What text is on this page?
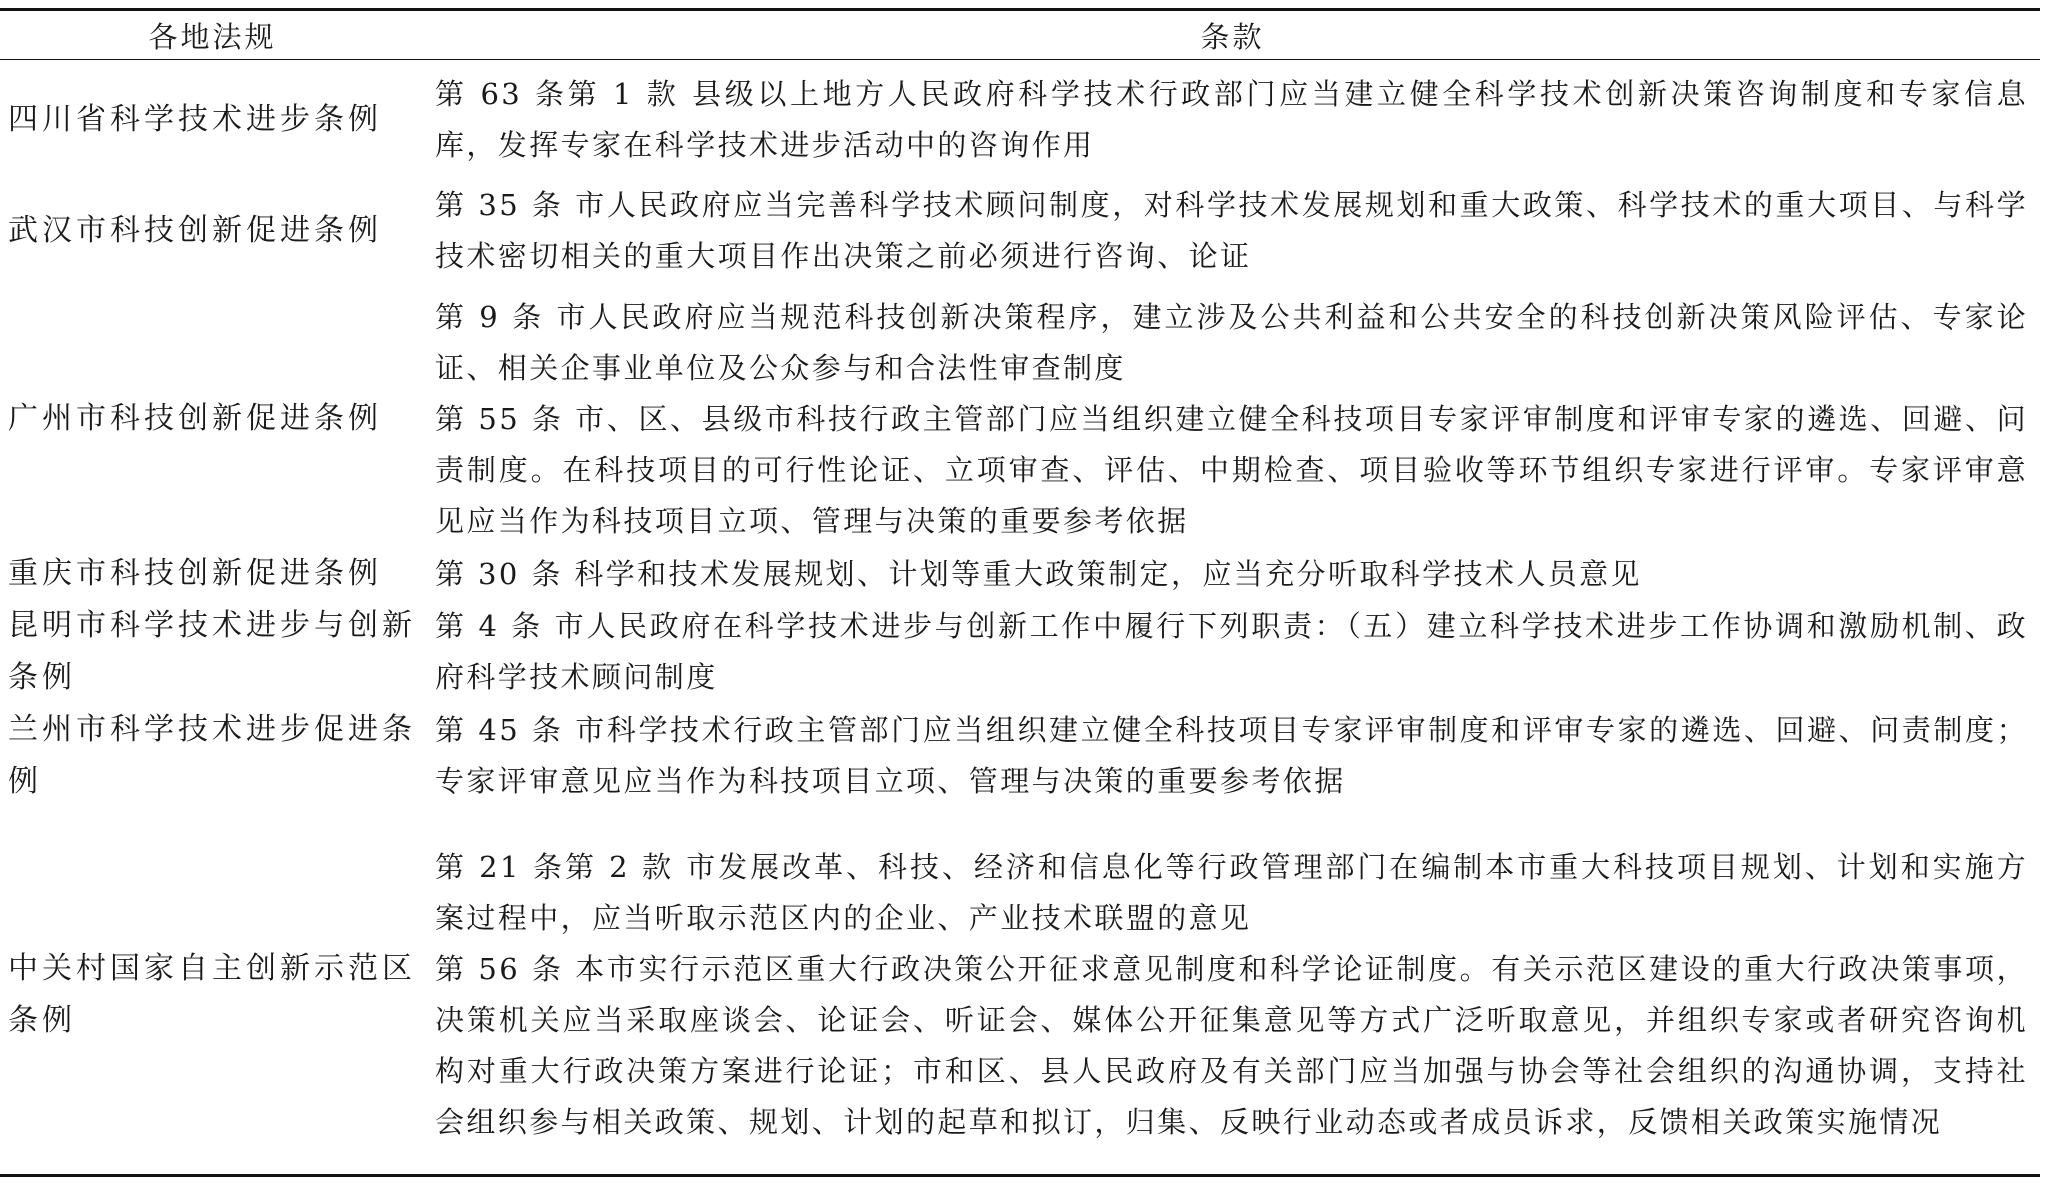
各地法规	条款
四川省科学技术进步条例
第 63 条第 1 款 县级以上地方人民政府科学技术行政部门应当建立健全科学技术创新决策咨询制度和专家信息库，发挥专家在科学技术进步活动中的咨询作用
武汉市科技创新促进条例
第 35 条 市人民政府应当完善科学技术顾问制度，对科学技术发展规划和重大政策、科学技术的重大项目、与科学技术密切相关的重大项目作出决策之前必须进行咨询、论证
广州市科技创新促进条例
第 9 条 市人民政府应当规范科技创新决策程序，建立涉及公共利益和公共安全的科技创新决策风险评估、专家论证、相关企事业单位及公众参与和合法性审查制度
第 55 条 市、区、县级市科技行政主管部门应当组织建立健全科技项目专家评审制度和评审专家的遴选、回避、问责制度。在科技项目的可行性论证、立项审查、评估、中期检查、项目验收等环节组织专家进行评审。专家评审意见应当作为科技项目立项、管理与决策的重要参考依据
重庆市科技创新促进条例	第 30 条 科学和技术发展规划、计划等重大政策制定，应当充分听取科学技术人员意见
昆明市科学技术进步与创新条例
第 4 条 市人民政府在科学技术进步与创新工作中履行下列职责：（五）建立科学技术进步工作协调和激励机制、政府科学技术顾问制度
兰州市科学技术进步促进条例
第 45 条 市科学技术行政主管部门应当组织建立健全科技项目专家评审制度和评审专家的遴选、回避、问责制度；专家评审意见应当作为科技项目立项、管理与决策的重要参考依据
中关村国家自主创新示范区条例
第 21 条第 2 款 市发展改革、科技、经济和信息化等行政管理部门在编制本市重大科技项目规划、计划和实施方案过程中，应当听取示范区内的企业、产业技术联盟的意见
第 56 条 本市实行示范区重大行政决策公开征求意见制度和科学论证制度。有关示范区建设的重大行政决策事项，决策机关应当采取座谈会、论证会、听证会、媒体公开征集意见等方式广泛听取意见，并组织专家或者研究咨询机构对重大行政决策方案进行论证；市和区、县人民政府及有关部门应当加强与协会等社会组织的沟通协调，支持社会组织参与相关政策、规划、计划的起草和拟订，归集、反映行业动态或者成员诉求，反馈相关政策实施情况
